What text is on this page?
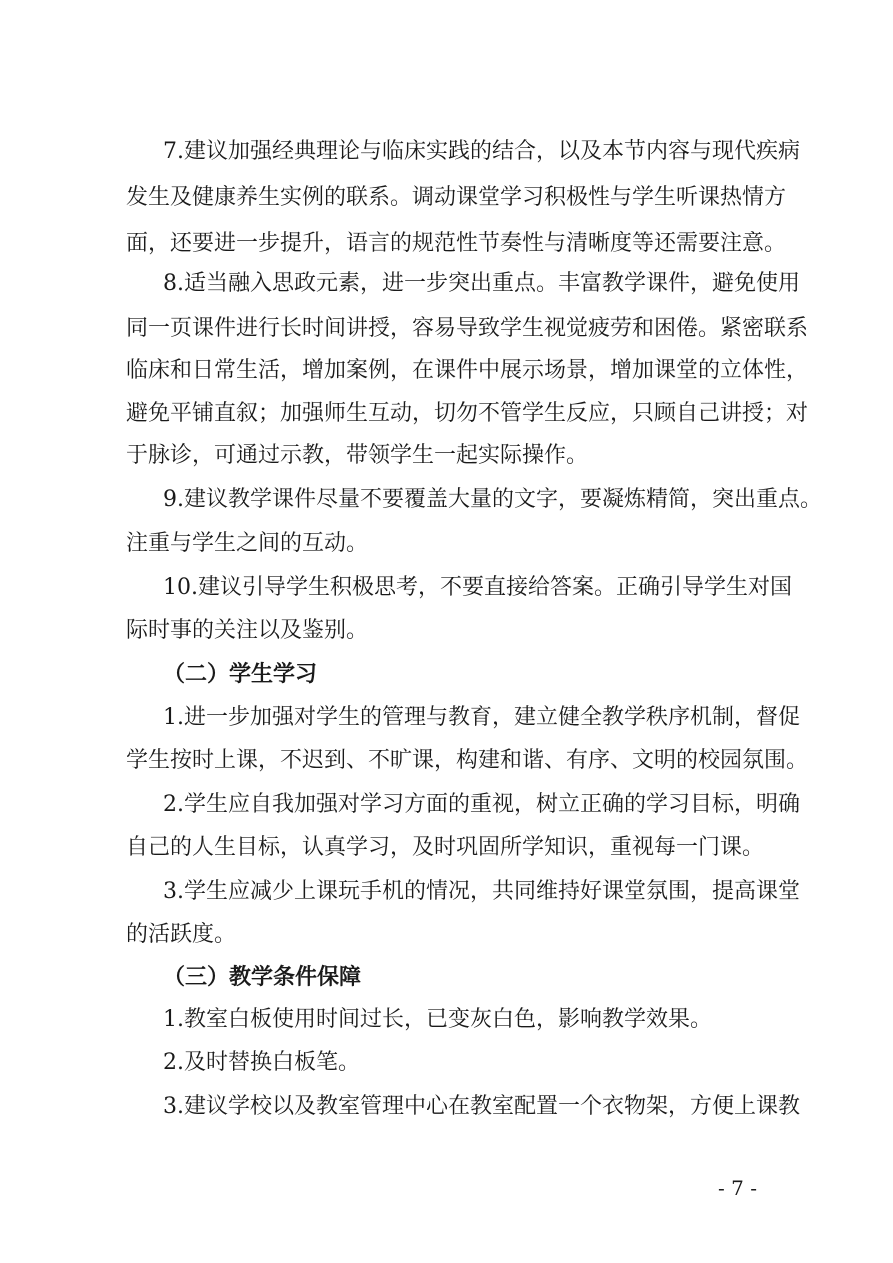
7.建议加强经典理论与临床实践的结合，以及本节内容与现代疾病
发生及健康养生实例的联系。调动课堂学习积极性与学生听课热情方
面，还要进一步提升，语言的规范性节奏性与清晰度等还需要注意。
8.适当融入思政元素，进一步突出重点。丰富教学课件，避免使用
同一页课件进行长时间讲授，容易导致学生视觉疲劳和困倦。紧密联系
临床和日常生活，增加案例，在课件中展示场景，增加课堂的立体性，
避免平铺直叙；加强师生互动，切勿不管学生反应，只顾自己讲授；对
于脉诊，可通过示教，带领学生一起实际操作。
9.建议教学课件尽量不要覆盖大量的文字，要凝炼精简，突出重点。
注重与学生之间的互动。
10.建议引导学生积极思考，不要直接给答案。正确引导学生对国
际时事的关注以及鉴别。
（二）学生学习
1.进一步加强对学生的管理与教育，建立健全教学秩序机制，督促
学生按时上课，不迟到、不旷课，构建和谐、有序、文明的校园氛围。
2.学生应自我加强对学习方面的重视，树立正确的学习目标，明确
自己的人生目标，认真学习，及时巩固所学知识，重视每一门课。
3.学生应减少上课玩手机的情况，共同维持好课堂氛围，提高课堂
的活跃度。
（三）教学条件保障
1.教室白板使用时间过长，已变灰白色，影响教学效果。
2.及时替换白板笔。
3.建议学校以及教室管理中心在教室配置一个衣物架，方便上课教
- 7 -
